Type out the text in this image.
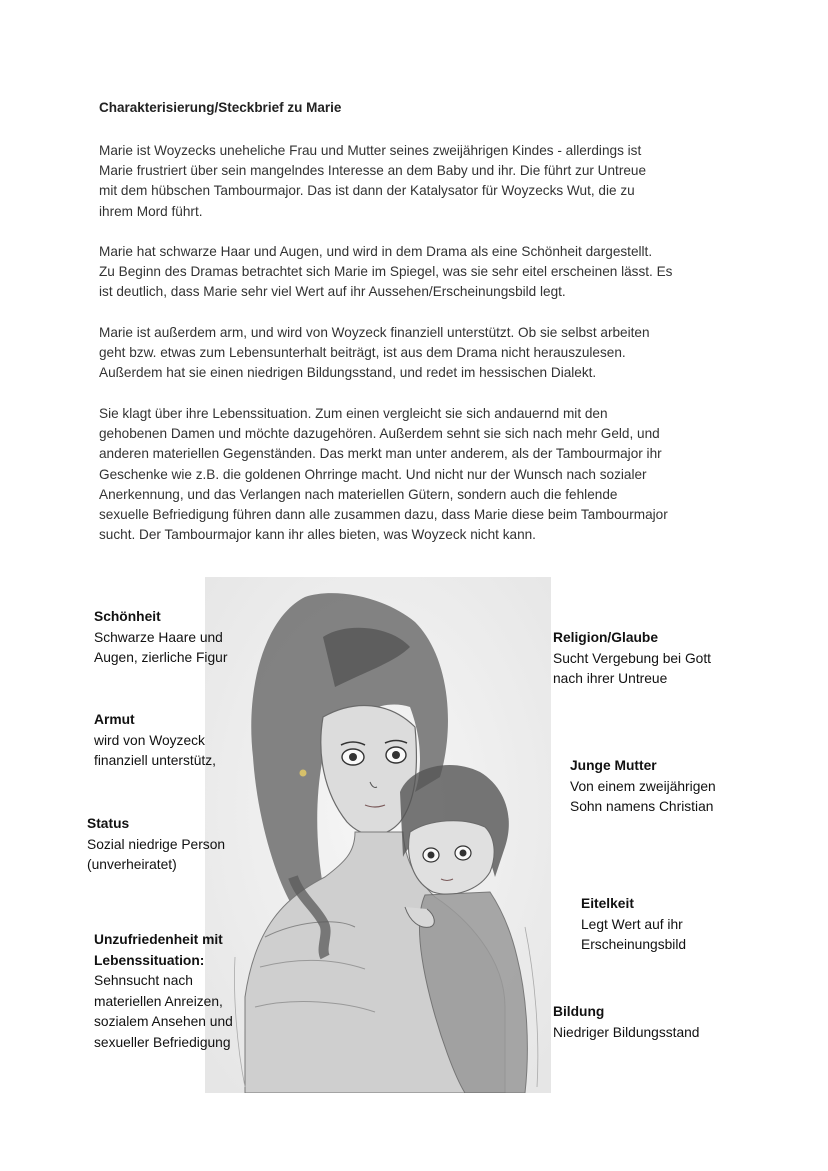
Charakterisierung/Steckbrief zu Marie

Marie ist Woyzecks uneheliche Frau und Mutter seines zweijährigen Kindes - allerdings ist
Marie frustriert über sein mangelndes Interesse an dem Baby und ihr. Die führt zur Untreue
mit dem hübschen Tambourmajor. Das ist dann der Katalysator für Woyzecks Wut, die zu
ihrem Mord führt.

Marie hat schwarze Haar und Augen, und wird in dem Drama als eine Schönheit dargestellt.
Zu Beginn des Dramas betrachtet sich Marie im Spiegel, was sie sehr eitel erscheinen lässt. Es
ist deutlich, dass Marie sehr viel Wert auf ihr Aussehen/Erscheinungsbild legt.

Marie ist außerdem arm, und wird von Woyzeck finanziell unterstützt. Ob sie selbst arbeiten
geht bzw. etwas zum Lebensunterhalt beiträgt, ist aus dem Drama nicht herauszulesen.
Außerdem hat sie einen niedrigen Bildungsstand, und redet im hessischen Dialekt.

Sie klagt über ihre Lebenssituation. Zum einen vergleicht sie sich andauernd mit den
gehobenen Damen und möchte dazugehören. Außerdem sehnt sie sich nach mehr Geld, und
anderen materiellen Gegenständen. Das merkt man unter anderem, als der Tambourmajor ihr
Geschenke wie z.B. die goldenen Ohrringe macht. Und nicht nur der Wunsch nach sozialer
Anerkennung, und das Verlangen nach materiellen Gütern, sondern auch die fehlende
sexuelle Befriedigung führen dann alle zusammen dazu, dass Marie diese beim Tambourmajor
sucht. Der Tambourmajor kann ihr alles bieten, was Woyzeck nicht kann.

Schönheit
Schwarze Haare und
Augen, zierliche Figur
Armut
wird von Woyzeck
finanziell unterstütz,
Status
Sozial niedrige Person
(unverheiratet)
Unzufriedenheit mit
Lebenssituation:
Sehnsucht nach
materiellen Anreizen,
sozialem Ansehen und
sexueller Befriedigung
Religion/Glaube
Sucht Vergebung bei Gott
nach ihrer Untreue
Junge Mutter
Von einem zweijährigen
Sohn namens Christian
Eitelkeit
Legt Wert auf ihr
Erscheinungsbild
Bildung
Niedriger Bildungsstand
